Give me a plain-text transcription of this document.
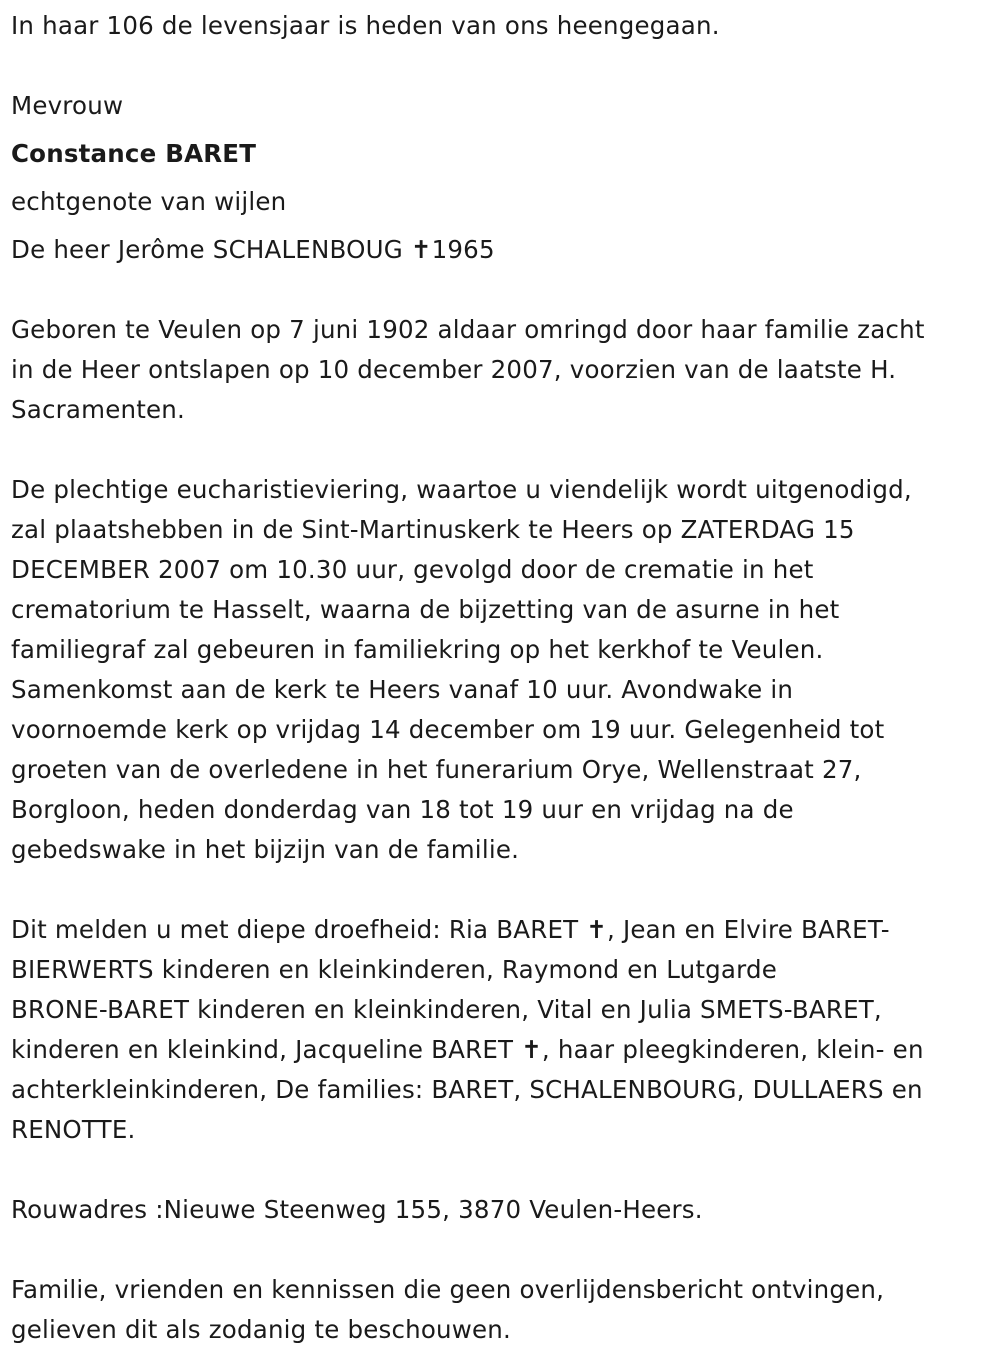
In haar 106 de levensjaar is heden van ons heengegaan.
Mevrouw
Constance BARET
echtgenote van wijlen
De heer Jerôme SCHALENBOUG ✝1965
Geboren te Veulen op 7 juni 1902 aldaar omringd door haar familie zacht
in de Heer ontslapen op 10 december 2007, voorzien van de laatste H.
Sacramenten.
De plechtige eucharistieviering, waartoe u viendelijk wordt uitgenodigd,
zal plaatshebben in de Sint-Martinuskerk te Heers op ZATERDAG 15
DECEMBER 2007 om 10.30 uur, gevolgd door de crematie in het
crematorium te Hasselt, waarna de bijzetting van de asurne in het
familiegraf zal gebeuren in familiekring op het kerkhof te Veulen.
Samenkomst aan de kerk te Heers vanaf 10 uur. Avondwake in
voornoemde kerk op vrijdag 14 december om 19 uur. Gelegenheid tot
groeten van de overledene in het funerarium Orye, Wellenstraat 27,
Borgloon, heden donderdag van 18 tot 19 uur en vrijdag na de
gebedswake in het bijzijn van de familie.
Dit melden u met diepe droefheid: Ria BARET ✝, Jean en Elvire BARET-
BIERWERTS kinderen en kleinkinderen, Raymond en Lutgarde
BRONE-BARET kinderen en kleinkinderen, Vital en Julia SMETS-BARET,
kinderen en kleinkind, Jacqueline BARET ✝, haar pleegkinderen, klein- en
achterkleinkinderen, De families: BARET, SCHALENBOURG, DULLAERS en
RENOTTE.
Rouwadres :Nieuwe Steenweg 155, 3870 Veulen-Heers.
Familie, vrienden en kennissen die geen overlijdensbericht ontvingen,
gelieven dit als zodanig te beschouwen.
